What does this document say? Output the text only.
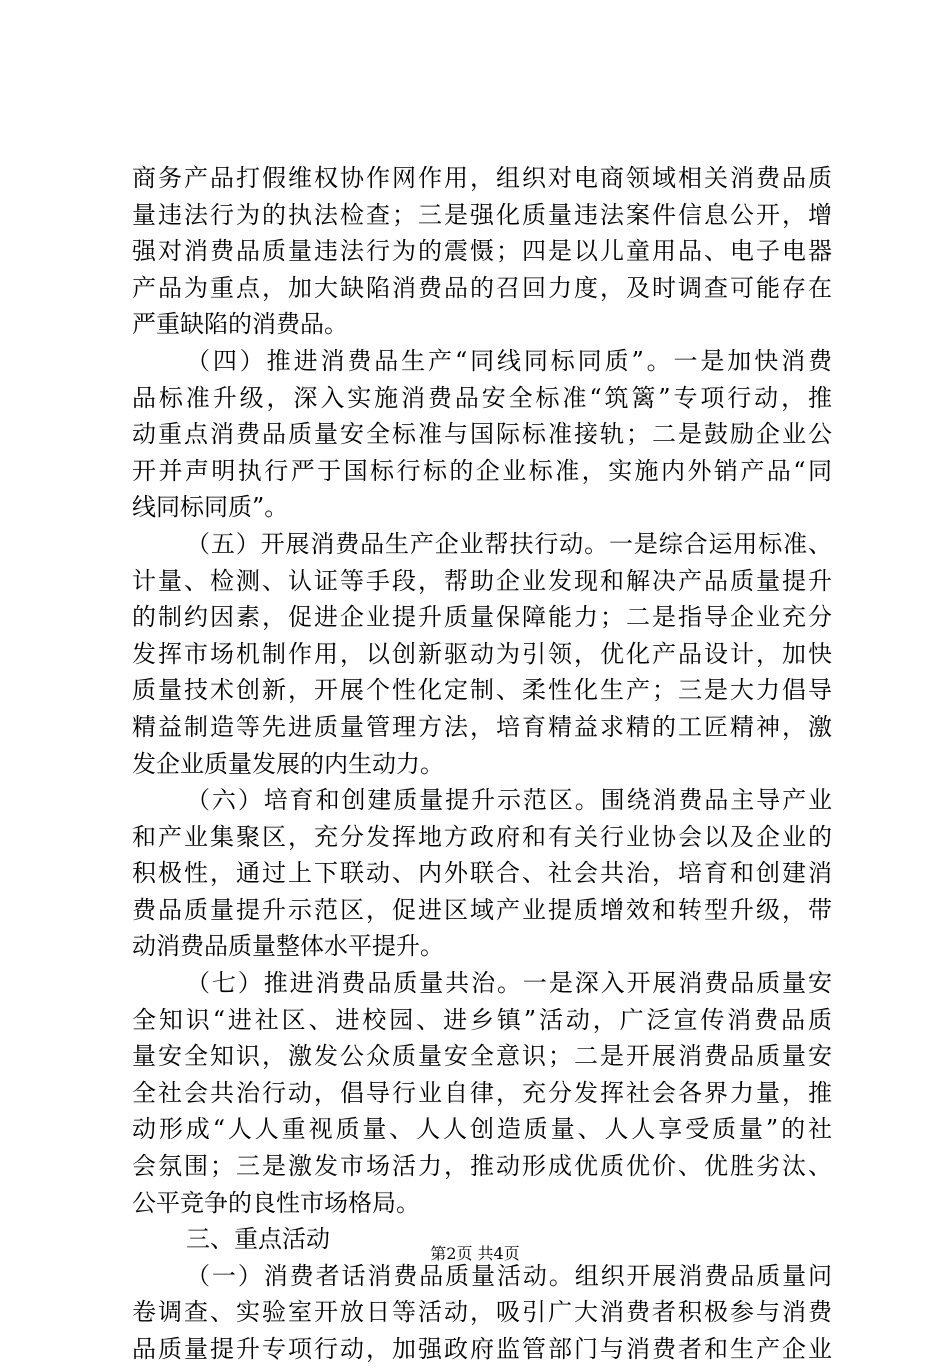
商务产品打假维权协作网作用，组织对电商领域相关消费品质
量违法行为的执法检查；三是强化质量违法案件信息公开，增
强对消费品质量违法行为的震慑；四是以儿童用品、电子电器
产品为重点，加大缺陷消费品的召回力度，及时调查可能存在
严重缺陷的消费品。
（四）推进消费品生产“同线同标同质”。一是加快消费
品标准升级，深入实施消费品安全标准“筑篱”专项行动，推
动重点消费品质量安全标准与国际标准接轨；二是鼓励企业公
开并声明执行严于国标行标的企业标准，实施内外销产品“同
线同标同质”。
（五）开展消费品生产企业帮扶行动。一是综合运用标准、
计量、检测、认证等手段，帮助企业发现和解决产品质量提升
的制约因素，促进企业提升质量保障能力；二是指导企业充分
发挥市场机制作用，以创新驱动为引领，优化产品设计，加快
质量技术创新，开展个性化定制、柔性化生产；三是大力倡导
精益制造等先进质量管理方法，培育精益求精的工匠精神，激
发企业质量发展的内生动力。
（六）培育和创建质量提升示范区。围绕消费品主导产业
和产业集聚区，充分发挥地方政府和有关行业协会以及企业的
积极性，通过上下联动、内外联合、社会共治，培育和创建消
费品质量提升示范区，促进区域产业提质增效和转型升级，带
动消费品质量整体水平提升。
（七）推进消费品质量共治。一是深入开展消费品质量安
全知识“进社区、进校园、进乡镇”活动，广泛宣传消费品质
量安全知识，激发公众质量安全意识；二是开展消费品质量安
全社会共治行动，倡导行业自律，充分发挥社会各界力量，推
动形成“人人重视质量、人人创造质量、人人享受质量”的社
会氛围；三是激发市场活力，推动形成优质优价、优胜劣汰、
公平竞争的良性市场格局。
三、重点活动
（一）消费者话消费品质量活动。组织开展消费品质量问
卷调查、实验室开放日等活动，吸引广大消费者积极参与消费
品质量提升专项行动，加强政府监管部门与消费者和生产企业
第2页 共4页
